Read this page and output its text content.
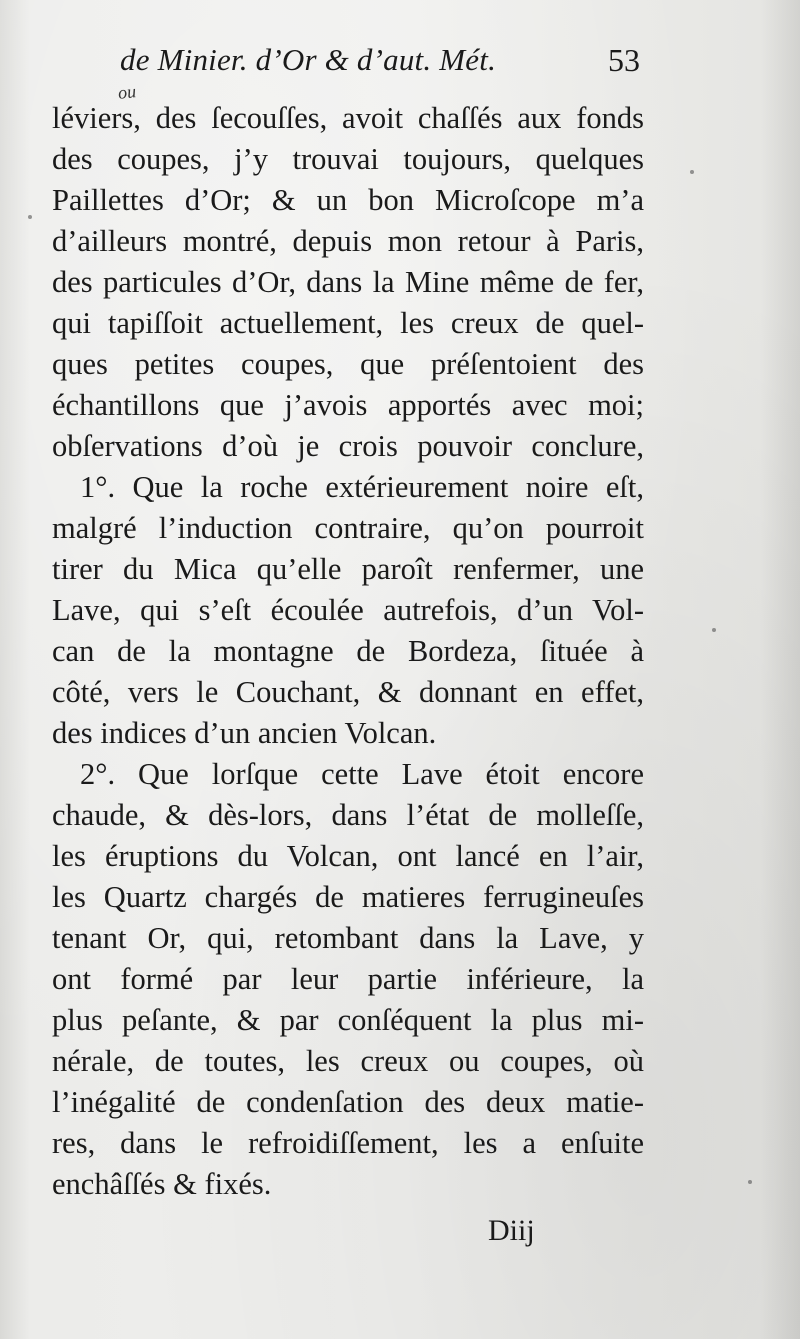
de Minier. d’Or & d’aut. Mét.	53
ou
léviers, des ſecouſſes, avoit chaſſés aux fonds
des coupes, j’y trouvai toujours, quelques
Paillettes d’Or; & un bon Microſcope m’a
d’ailleurs montré, depuis mon retour à Paris,
des particules d’Or, dans la Mine même de fer,
qui tapiſſoit actuellement, les creux de quel-
ques petites coupes, que préſentoient des
échantillons que j’avois apportés avec moi;
obſervations d’où je crois pouvoir conclure,
1°. Que la roche extérieurement noire eſt,
malgré l’induction contraire, qu’on pourroit
tirer du Mica qu’elle paroît renfermer, une
Lave, qui s’eſt écoulée autrefois, d’un Vol-
can de la montagne de Bordeza, ſituée à
côté, vers le Couchant, & donnant en effet,
des indices d’un ancien Volcan.
2°. Que lorſque cette Lave étoit encore
chaude, & dès-lors, dans l’état de molleſſe,
les éruptions du Volcan, ont lancé en l’air,
les Quartz chargés de matieres ferrugineuſes
tenant Or, qui, retombant dans la Lave, y
ont formé par leur partie inférieure, la
plus peſante, & par conſéquent la plus mi-
nérale, de toutes, les creux ou coupes, où
l’inégalité de condenſation des deux matie-
res, dans le refroidiſſement, les a enſuite
enchâſſés & fixés.
Diij
